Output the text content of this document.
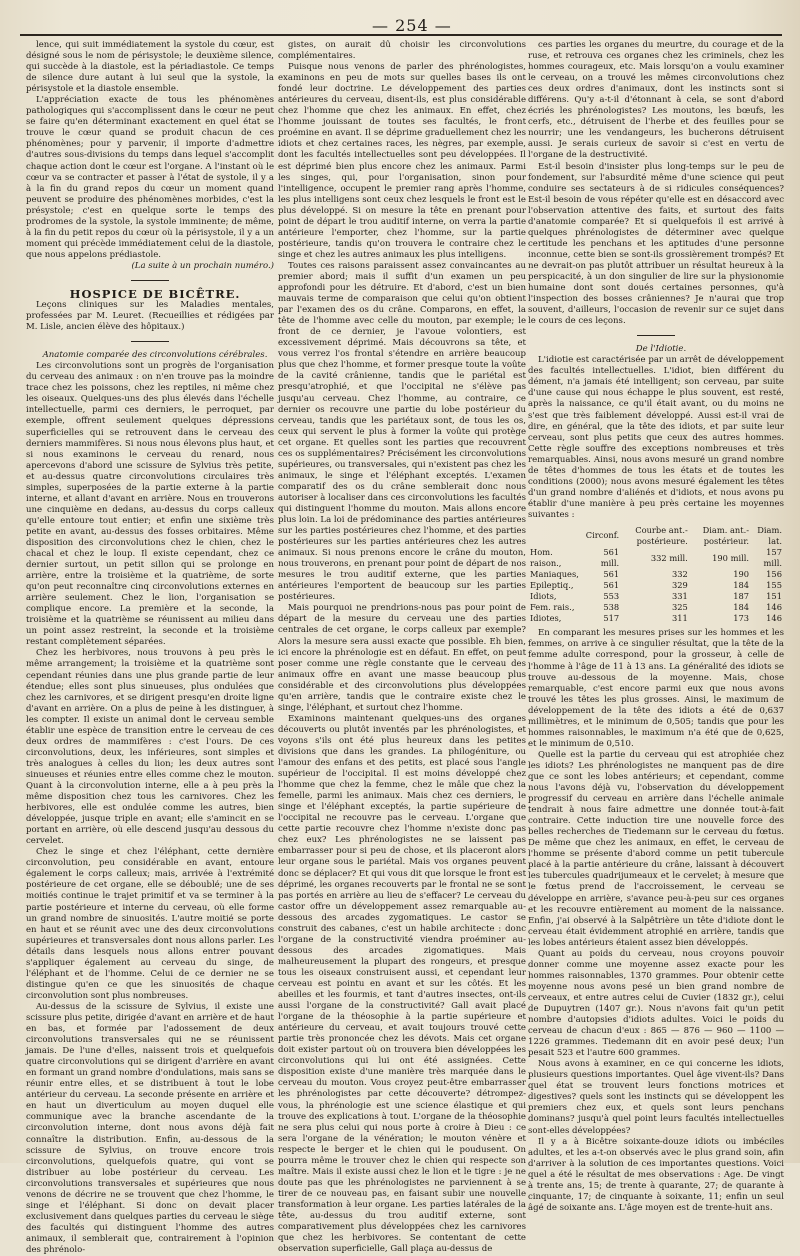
— 254 —

lence, qui suit immédiatement la systole du cœur, est désigné sous le nom de périsystole; le deuxième silence, qui succède à la diastole, est la périadiastole. Ce temps de silence dure autant à lui seul que la systole, la périsystole et la diastole ensemble.

L'appréciation exacte de tous les phénomènes pathologiques qui s'accomplissent dans le cœur ne peut se faire qu'en déterminant exactement en quel état se trouve le cœur quand se produit chacun de ces phénomènes; pour y parvenir, il importe d'admettre d'autres sous-divisions du temps dans lequel s'accomplit chaque action dont le cœur est l'organe. A l'instant où le cœur va se contracter et passer à l'état de systole, il y a à la fin du grand repos du cœur un moment quand peuvent se produire des phénomènes morbides, c'est la présystole; c'est en quelque sorte le temps des prodromes de la systole, la systole imminente; de même, à la fin du petit repos du cœur où la périsystole, il y a un moment qui précède immédiatement celui de la diastole, que nous appelons prédiastole.

(La suite à un prochain numéro.)

HOSPICE DE BICÊTRE.

Leçons cliniques sur les Maladies mentales, professées par M. Leuret. (Recueillies et rédigées par M. Lisle, ancien élève des hôpitaux.)

Anatomie comparée des circonvolutions cérébrales.

Les circonvolutions sont un progrès de l'organisation du cerveau des animaux : on n'en trouve pas la moindre trace chez les poissons, chez les reptiles, ni même chez les oiseaux. Quelques-uns des plus élevés dans l'échelle intellectuelle, parmi ces derniers, le perroquet, par exemple, offrent seulement quelques dépressions superficielles qui se retrouvent dans le cerveau des derniers mammifères. Si nous nous élevons plus haut, et si nous examinons le cerveau du renard, nous apercevons d'abord une scissure de Sylvius très petite, et au-dessus quatre circonvolutions circulaires très simples, superposées de la partie externe à la partie interne, et allant d'avant en arrière. Nous en trouverons une cinquième en dedans, au-dessus du corps calleux qu'elle entoure tout entier; et enfin une sixième très petite en avant, au-dessus des fosses orbitaires. Même disposition des circonvolutions chez le chien, chez le chacal et chez le loup. Il existe cependant, chez ce dernier surtout, un petit sillon qui se prolonge en arrière, entre la troisième et la quatrième, de sorte qu'on peut reconnaître cinq circonvolutions externes en arrière seulement. Chez le lion, l'organisation se complique encore. La première et la seconde, la troisième et la quatrième se réunissent au milieu dans un point assez restreint, la seconde et la troisième restant complètement séparées.

Chez les herbivores, nous trouvons à peu près le même arrangement; la troisième et la quatrième sont cependant réunies dans une plus grande partie de leur étendue; elles sont plus sinueuses, plus ondulées que chez les carnivores, et se dirigent presqu'en droite ligne d'avant en arrière. On a plus de peine à les distinguer, à les compter. Il existe un animal dont le cerveau semble établir une espèce de transition entre le cerveau de ces deux ordres de mammifères : c'est l'ours. De ces circonvolutions, deux, les inférieures, sont simples et très analogues à celles du lion; les deux autres sont sinueuses et réunies entre elles comme chez le mouton. Quant à la circonvolution interne, elle a à peu près la même disposition chez tous les carnivores. Chez les herbivores, elle est ondulée comme les autres, bien développée, jusque triple en avant; elle s'amincit en se portant en arrière, où elle descend jusqu'au dessous du cervelet.

Chez le singe et chez l'éléphant, cette dernière circonvolution, peu considérable en avant, entoure également le corps calleux; mais, arrivée à l'extrémité postérieure de cet organe, elle se déboublé; une de ses moitiés continue le trajet primitif et va se terminer à la partie postérieure et interne du cerveau, où elle forme un grand nombre de sinuosités. L'autre moitié se porte en haut et se réunit avec une des deux circonvolutions supérieures et transversales dont nous allons parler. Les détails dans lesquels nous allons entrer pouvant s'appliquer également au cerveau du singe, de l'éléphant et de l'homme. Celui de ce dernier ne se distingue qu'en ce que les sinuosités de chaque circonvolution sont plus nombreuses.

Au-dessus de la scissure de Sylvius, il existe une scissure plus petite, dirigée d'avant en arrière et de haut en bas, et formée par l'adossement de deux circonvolutions transversales qui ne se réunissent jamais. De l'une d'elles, naissent trois et quelquefois quatre circonvolutions qui se dirigent d'arrière en avant en formant un grand nombre d'ondulations, mais sans se réunir entre elles, et se distribuent à tout le lobe antérieur du cerveau. La seconde présente en arrière et en haut un diverticulum au moyen duquel elle communique avec la branche ascendante de la circonvolution interne, dont nous avons déjà fait connaître la distribution. Enfin, au-dessous de la scissure de Sylvius, on trouve encore trois circonvolutions, quelquefois quatre, qui vont se distribuer au lobe postérieur du cerveau. Les circonvolutions transversales et supérieures que nous venons de décrire ne se trouvent que chez l'homme, le singe et l'éléphant. Si donc on devait placer exclusivement dans quelques parties du cerveau le siège des facultés qui distinguent l'homme des autres animaux, il semblerait que, contrairement à l'opinion des phrénolo-

gistes, on aurait dû choisir les circonvolutions complémentaires.

Puisque nous venons de parler des phrénologistes, examinons en peu de mots sur quelles bases ils ont fondé leur doctrine. Le développement des parties antérieures du cerveau, disent-ils, est plus considérable chez l'homme que chez les animaux. En effet, chez l'homme jouissant de toutes ses facultés, le front proémine en avant. Il se déprime graduellement chez les idiots et chez certaines races, les nègres, par exemple, dont les facultés intellectuelles sont peu développées. Il est déprimé bien plus encore chez les animaux. Parmi les singes, qui, pour l'organisation, sinon pour l'intelligence, occupent le premier rang après l'homme, les plus intelligens sont ceux chez lesquels le front est le plus développé. Si on mesure la tête en prenant pour point de départ le trou auditif interne, on verra la partie antérieure l'emporter, chez l'homme, sur la partie postérieure, tandis qu'on trouvera le contraire chez le singe et chez les autres animaux les plus intelligens.

Toutes ces raisons paraissent assez convaincantes au premier abord; mais il suffit d'un examen un peu approfondi pour les détruire. Et d'abord, c'est un bien mauvais terme de comparaison que celui qu'on obtient par l'examen des os du crâne. Comparons, en effet, la tête de l'homme avec celle du mouton, par exemple; le front de ce dernier, je l'avoue volontiers, est excessivement déprimé. Mais découvrons sa tête, et vous verrez l'os frontal s'étendre en arrière beaucoup plus que chez l'homme, et former presque toute la voûte de la cavité crânienne, tandis que le pariétal est presqu'atrophié, et que l'occipital ne s'élève pas jusqu'au cerveau. Chez l'homme, au contraire, ce dernier os recouvre une partie du lobe postérieur du cerveau, tandis que les pariétaux sont, de tous les os, ceux qui servent le plus à former la voûte qui protège cet organe. Et quelles sont les parties que recouvrent ces os supplémentaires? Précisément les circonvolutions supérieures, ou transversales, qui n'existent pas chez les animaux, le singe et l'éléphant exceptés. L'examen comparatif des os du crâne semblerait donc nous autoriser à localiser dans ces circonvolutions les facultés qui distinguent l'homme du mouton. Mais allons encore plus loin. La loi de prédominance des parties antérieures sur les parties postérieures chez l'homme, et des parties postérieures sur les parties antérieures chez les autres animaux. Si nous prenons encore le crâne du mouton, nous trouverons, en prenant pour point de départ de nos mesures le trou auditif externe, que les parties antérieures l'emportent de beaucoup sur les parties postérieures.

Mais pourquoi ne prendrions-nous pas pour point de départ de la mesure du cerveau une des parties centrales de cet organe, le corps calleux par exemple? Alors la mesure sera aussi exacte que possible. Eh bien, ici encore la phrénologie est en défaut. En effet, on peut poser comme une règle constante que le cerveau des animaux offre en avant une masse beaucoup plus considérable et des circonvolutions plus développées qu'en arrière, tandis que le contraire existe chez le singe, l'éléphant, et surtout chez l'homme.

Examinons maintenant quelques-uns des organes découverts ou plutôt inventés par les phrénologistes, et voyons s'ils ont été plus heureux dans les petites divisions que dans les grandes. La philogéniture, ou l'amour des enfans et des petits, est placé sous l'angle supérieur de l'occipital. Il est moins développé chez l'homme que chez la femme, chez le mâle que chez la femelle, parmi les animaux. Mais chez ces derniers, le singe et l'éléphant exceptés, la partie supérieure de l'occipital ne recouvre pas le cerveau. L'organe que cette partie recouvre chez l'homme n'existe donc pas chez eux? Les phrénologistes ne se laissent pas embarrasser pour si peu de chose, et ils placeront alors leur organe sous le pariétal. Mais vos organes peuvent donc se déplacer? Et qui vous dit que lorsque le front est déprimé, les organes recouverts par le frontal ne se sont pas portés en arrière au lieu de s'effacer? Le cerveau du castor offre un développement assez remarquable au-dessous des arcades zygomatiques. Le castor se construit des cabanes, c'est un habile architecte : donc l'organe de la constructivité viendra proéminer au-dessous des arcades zigomatiques. Mais malheureusement la plupart des rongeurs, et presque tous les oiseaux construisent aussi, et cependant leur cerveau est pointu en avant et sur les côtés. Et les abeilles et les fourmis, et tant d'autres insectes, ont-ils aussi l'organe de la constructivité? Gall avait placé l'organe de la théosophie à la partie supérieure et antérieure du cerveau, et avait toujours trouvé cette partie très prononcée chez les dévots. Mais cet organe doit exister partout où on trouvera bien développées les circonvolutions qui lui ont été assignées. Cette disposition existe d'une manière très marquée dans le cerveau du mouton. Vous croyez peut-être embarrasser les phrénologistes par cette découverte? détrompez-vous, la phrénologie est une science élastique et qui trouve des explications à tout. L'organe de la théosophie ne sera plus celui qui nous porte à croire à Dieu : ce sera l'organe de la vénération; le mouton vénère et respecte le berger et le chien qui le poudusent. On pourra même le trouver chez le chien qui respecte son maître. Mais il existe aussi chez le lion et le tigre : je ne doute pas que les phrénologistes ne parviennent à se tirer de ce nouveau pas, en faisant subir une nouvelle transformation à leur organe. Les parties latérales de la tête, au-dessus du trou auditif externe, sont comparativement plus développées chez les carnivores que chez les herbivores. Se contentant de cette observation superficielle, Gall plaça au-dessus de

ces parties les organes du meurtre, du courage et de la ruse, et retrouva ces organes chez les criminels, chez les hommes courageux, etc. Mais lorsqu'on a voulu examiner le cerveau, on a trouvé les mêmes circonvolutions chez ces deux ordres d'animaux, dont les instincts sont si différens. Qu'y a-t-il d'étonnant à cela, se sont d'abord écriés les phrénologistes? Les moutons, les bœufs, les cerfs, etc., détruisent de l'herbe et des feuilles pour se nourrir; une les vendangeurs, les bucherons détruisent aussi. Je serais curieux de savoir si c'est en vertu de l'organe de la destructivité.

Est-il besoin d'insister plus long-temps sur le peu de fondement, sur l'absurdité même d'une science qui peut conduire ses sectateurs à de si ridicules conséquences? Est-il besoin de vous répéter qu'elle est en désaccord avec l'observation attentive des faits, et surtout des faits d'anatomie comparée? Et si quelquefois il est arrivé à quelques phrénologistes de déterminer avec quelque certitude les penchans et les aptitudes d'une personne inconnue, cette bien se sont-ils grossièrement trompés? Et ne devrait-on pas plutôt attribuer un résultat heureux à la perspicacité, à un don singulier de lire sur la physionomie humaine dont sont doués certaines personnes, qu'à l'inspection des bosses crâniennes? Je n'aurai que trop souvent, d'ailleurs, l'occasion de revenir sur ce sujet dans le cours de ces leçons.

De l'Idiotie.

L'idiotie est caractérisée par un arrêt de développement des facultés intellectuelles. L'idiot, bien différent du dément, n'a jamais été intelligent; son cerveau, par suite d'une cause qui nous échappe le plus souvent, est resté, après la naissance, ce qu'il était avant, ou du moins ne s'est que très faiblement développé. Aussi est-il vrai de dire, en général, que la tête des idiots, et par suite leur cerveau, sont plus petits que ceux des autres hommes. Cette règle souffre des exceptions nombreuses et très remarquables. Ainsi, nous avons mesuré un grand nombre de têtes d'hommes de tous les états et de toutes les conditions (2000); nous avons mesuré également les têtes d'un grand nombre d'aliénés et d'idiots, et nous avons pu établir d'une manière à peu près certaine les moyennes suivantes :

	Circonf.	Courbe ant.-postérieure.	Diam. ant.-postérieur.	Diam. lat.
Hom. raison.,	561 mill.	332 mill.	190 mill.	157 mill.
Maniaques,	561	332	190	156
Epileptiq.,	561	329	184	155
Idiots,	553	331	187	151
Fem. rais.,	538	325	184	146
Idiotes,	517	311	173	146

En comparant les mesures prises sur les hommes et les femmes, on arrive à ce singulier résultat, que la tête de la femme adulte correspond, pour la grosseur, à celle de l'homme à l'âge de 11 à 13 ans. La généralité des idiots se trouve au-dessous de la moyenne. Mais, chose remarquable, c'est encore parmi eux que nous avons trouvé les têtes les plus grosses. Ainsi, le maximum de développement de la tête des idiots a été de 0,637 millimètres, et le minimum de 0,505; tandis que pour les hommes raisonnables, le maximum n'a été que de 0,625, et le minimum de 0,510.

Quelle est la partie du cerveau qui est atrophiée chez les idiots? Les phrénologistes ne manquent pas de dire que ce sont les lobes antérieurs; et cependant, comme nous l'avons déjà vu, l'observation du développement progressif du cerveau en arrière dans l'échelle animale tendrait à nous faire admettre une donnée tout-à-fait contraire. Cette induction tire une nouvelle force des belles recherches de Tiedemann sur le cerveau du fœtus. De même que chez les animaux, en effet, le cerveau de l'homme se présente d'abord comme un petit tubercule placé à la partie antérieure du crâne, laissant à découvert les tubercules quadrijumeaux et le cervelet; à mesure que le fœtus prend de l'accroissement, le cerveau se développe en arrière, s'avance peu-à-peu sur ces organes et les recouvre entièrement au moment de la naissance. Enfin, j'ai observé à la Salpêtrière un tête d'idiote dont le cerveau était évidemment atrophié en arrière, tandis que les lobes antérieurs étaient assez bien développés.

Quant au poids du cerveau, nous croyons pouvoir donner comme une moyenne assez exacte pour les hommes raisonnables, 1370 grammes. Pour obtenir cette moyenne nous avons pesé un bien grand nombre de cerveaux, et entre autres celui de Cuvier (1832 gr.), celui de Dupuytren (1407 gr.). Nous n'avons fait qu'un petit nombre d'autopsies d'idiots adultes. Voici le poids du cerveau de chacun d'eux : 865 — 876 — 960 — 1100 — 1226 grammes. Tiedemann dit en avoir pesé deux; l'un pesait 523 et l'autre 600 grammes.

Nous avons à examiner, en ce qui concerne les idiots, plusieurs questions importantes. Quel âge vivent-ils? Dans quel état se trouvent leurs fonctions motrices et digestives? quels sont les instincts qui se développent les premiers chez eux, et quels sont leurs penchans dominans? jusqu'à quel point leurs facultés intellectuelles sont-elles développées?

Il y a à Bicêtre soixante-douze idiots ou imbéciles adultes, et les a-t-on observés avec le plus grand soin, afin d'arriver à la solution de ces importantes questions. Voici quel a été le résultat de mes observations : Age. De vingt à trente ans, 15; de trente à quarante, 27; de quarante à cinquante, 17; de cinquante à soixante, 11; enfin un seul âgé de soixante ans. L'âge moyen est de trente-huit ans.
